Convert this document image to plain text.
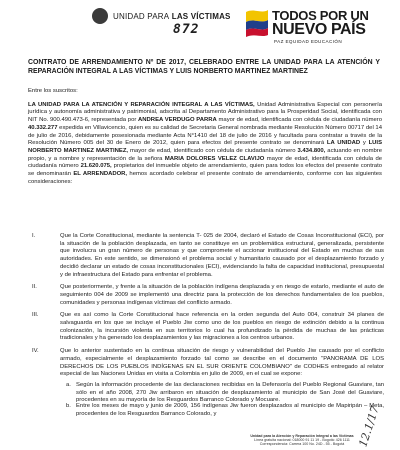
UNIDAD PARA LAS VÍCTIMAS	TODOS POR UN
NUEVO PAÍS
PAZ EQUIDAD EDUCACIÓN
872
CONTRATO DE ARRENDAMIENTO Nº DE 2017, CELEBRADO ENTRE LA UNIDAD PARA LA ATENCIÓN Y REPARACIÓN INTEGRAL A LAS VÍCTIMAS Y LUIS NORBERTO MARTINEZ MARTINEZ

Entre los suscritos:

LA UNIDAD PARA LA ATENCIÓN Y REPARACIÓN INTEGRAL A LAS VÍCTIMAS, Unidad Administrativa Especial con personería jurídica y autonomía administrativa y patrimonial, adscrita al Departamento Administrativo para la Prosperidad Social, identificada con NIT No. 900.490.473-6, representada por ANDREA VERDUGO PARRA mayor de edad, identificada con cédula de ciudadanía número 40.332.277 expedida en Villavicencio, quien es su calidad de Secretaria General nombrada mediante Resolución Número 00717 del 14 de julio de 2016, debidamente posesionada mediante Acta N°1410 del 18 de julio de 2016 y facultada para contratar a través de la Resolución Número 005 del 30 de Enero de 2012, quien para efectos del presente contrato se denominará LA UNIDAD y LUIS NORBERTO MARTINEZ MARTINEZ, mayor de edad, identificado con cédula de ciudadanía número 3.434.800, actuando en nombre propio, y a nombre y representación de la señora MARIA DOLORES VELEZ CLAVIJO mayor de edad, identificada con cédula de ciudadanía número 21.620.075, propietarios del inmueble objeto de arrendamiento, quien para todos los efectos del presente contrato se denominarán EL ARRENDADOR, hemos acordado celebrar el presente contrato de arrendamiento, conforme con las siguientes consideraciones:

I.	Que la Corte Constitucional, mediante la sentencia T- 025 de 2004, declaró el Estado de Cosas Inconstitucional (ECI), por la situación de la población desplazada, en tanto se constituye en un problemática estructural, generalizada, persistente que involucra un gran número de personas y que compromete el accionar institucional del Estado en muchas de sus autoridades. En este sentido, se dimensionó el problema social y humanitario causado por el desplazamiento forzado y decidió declarar un estado de cosas inconstitucionales (ECI), evidenciando la falta de capacidad institucional, presupuestal y de infraestructura del Estado para enfrentar el problema.
II.	Que posteriormente, y frente a la situación de la población indígena desplazada y en riesgo de estarlo, mediante el auto de seguimiento 004 de 2009 se implementó una directriz para la protección de los derechos fundamentales de los pueblos, comunidades y personas indígenas víctimas del conflicto armado.
III.	Que es así como la Corte Constitucional hace referencia en la orden segunda del Auto 004, construir 34 planes de salvaguarda en los que se incluye el Pueblo Jiw como uno de los pueblos en riesgo de extinción debido a la continua colonización, la incursión violenta en sus territorios lo cual ha profundizado la pérdida de muchas de las prácticas tradicionales y ha generado los desplazamientos y las migraciones a los centros urbanos.
IV.	Que lo anterior sustentado en la continua situación de riesgo y vulnerabilidad del Pueblo Jiw causado por el conflicto armado, especialmente el desplazamiento forzado tal como se describe en el documento "PANORAMA DE LOS DERECHOS DE LOS PUEBLOS INDÍGENAS EN EL SUR ORIENTE COLOMBIANO" de CODHES entregado al relator especial de las Naciones Unidas en visita a Colombia en julio de 2009, en el cual se expone:
a. Según la información procedente de las declaraciones recibidas en la Defensoría del Pueblo Regional Guaviare, tan sólo en el año 2008, 270 Jiw arribaron en situación de desplazamiento al municipio de San José del Guaviare, procedentes en su mayoría de los Resguardos Barranco Colorado y Mocuare.
b. Entre los meses de mayo y junio de 2009, 156 indígenas Jiw fueron desplazados al municipio de Mapiripán – Meta, procedentes de los Resguardos Barranco Colorado, y
Unidad para la Atención y Reparación Integral a las Víctimas
Línea gratuita nacional: 018000 91 11 19 - Bogotá: 426 1111
Correspondencia: Carrera 100 No. 24D - 55 - Bogotá	12.1/17
